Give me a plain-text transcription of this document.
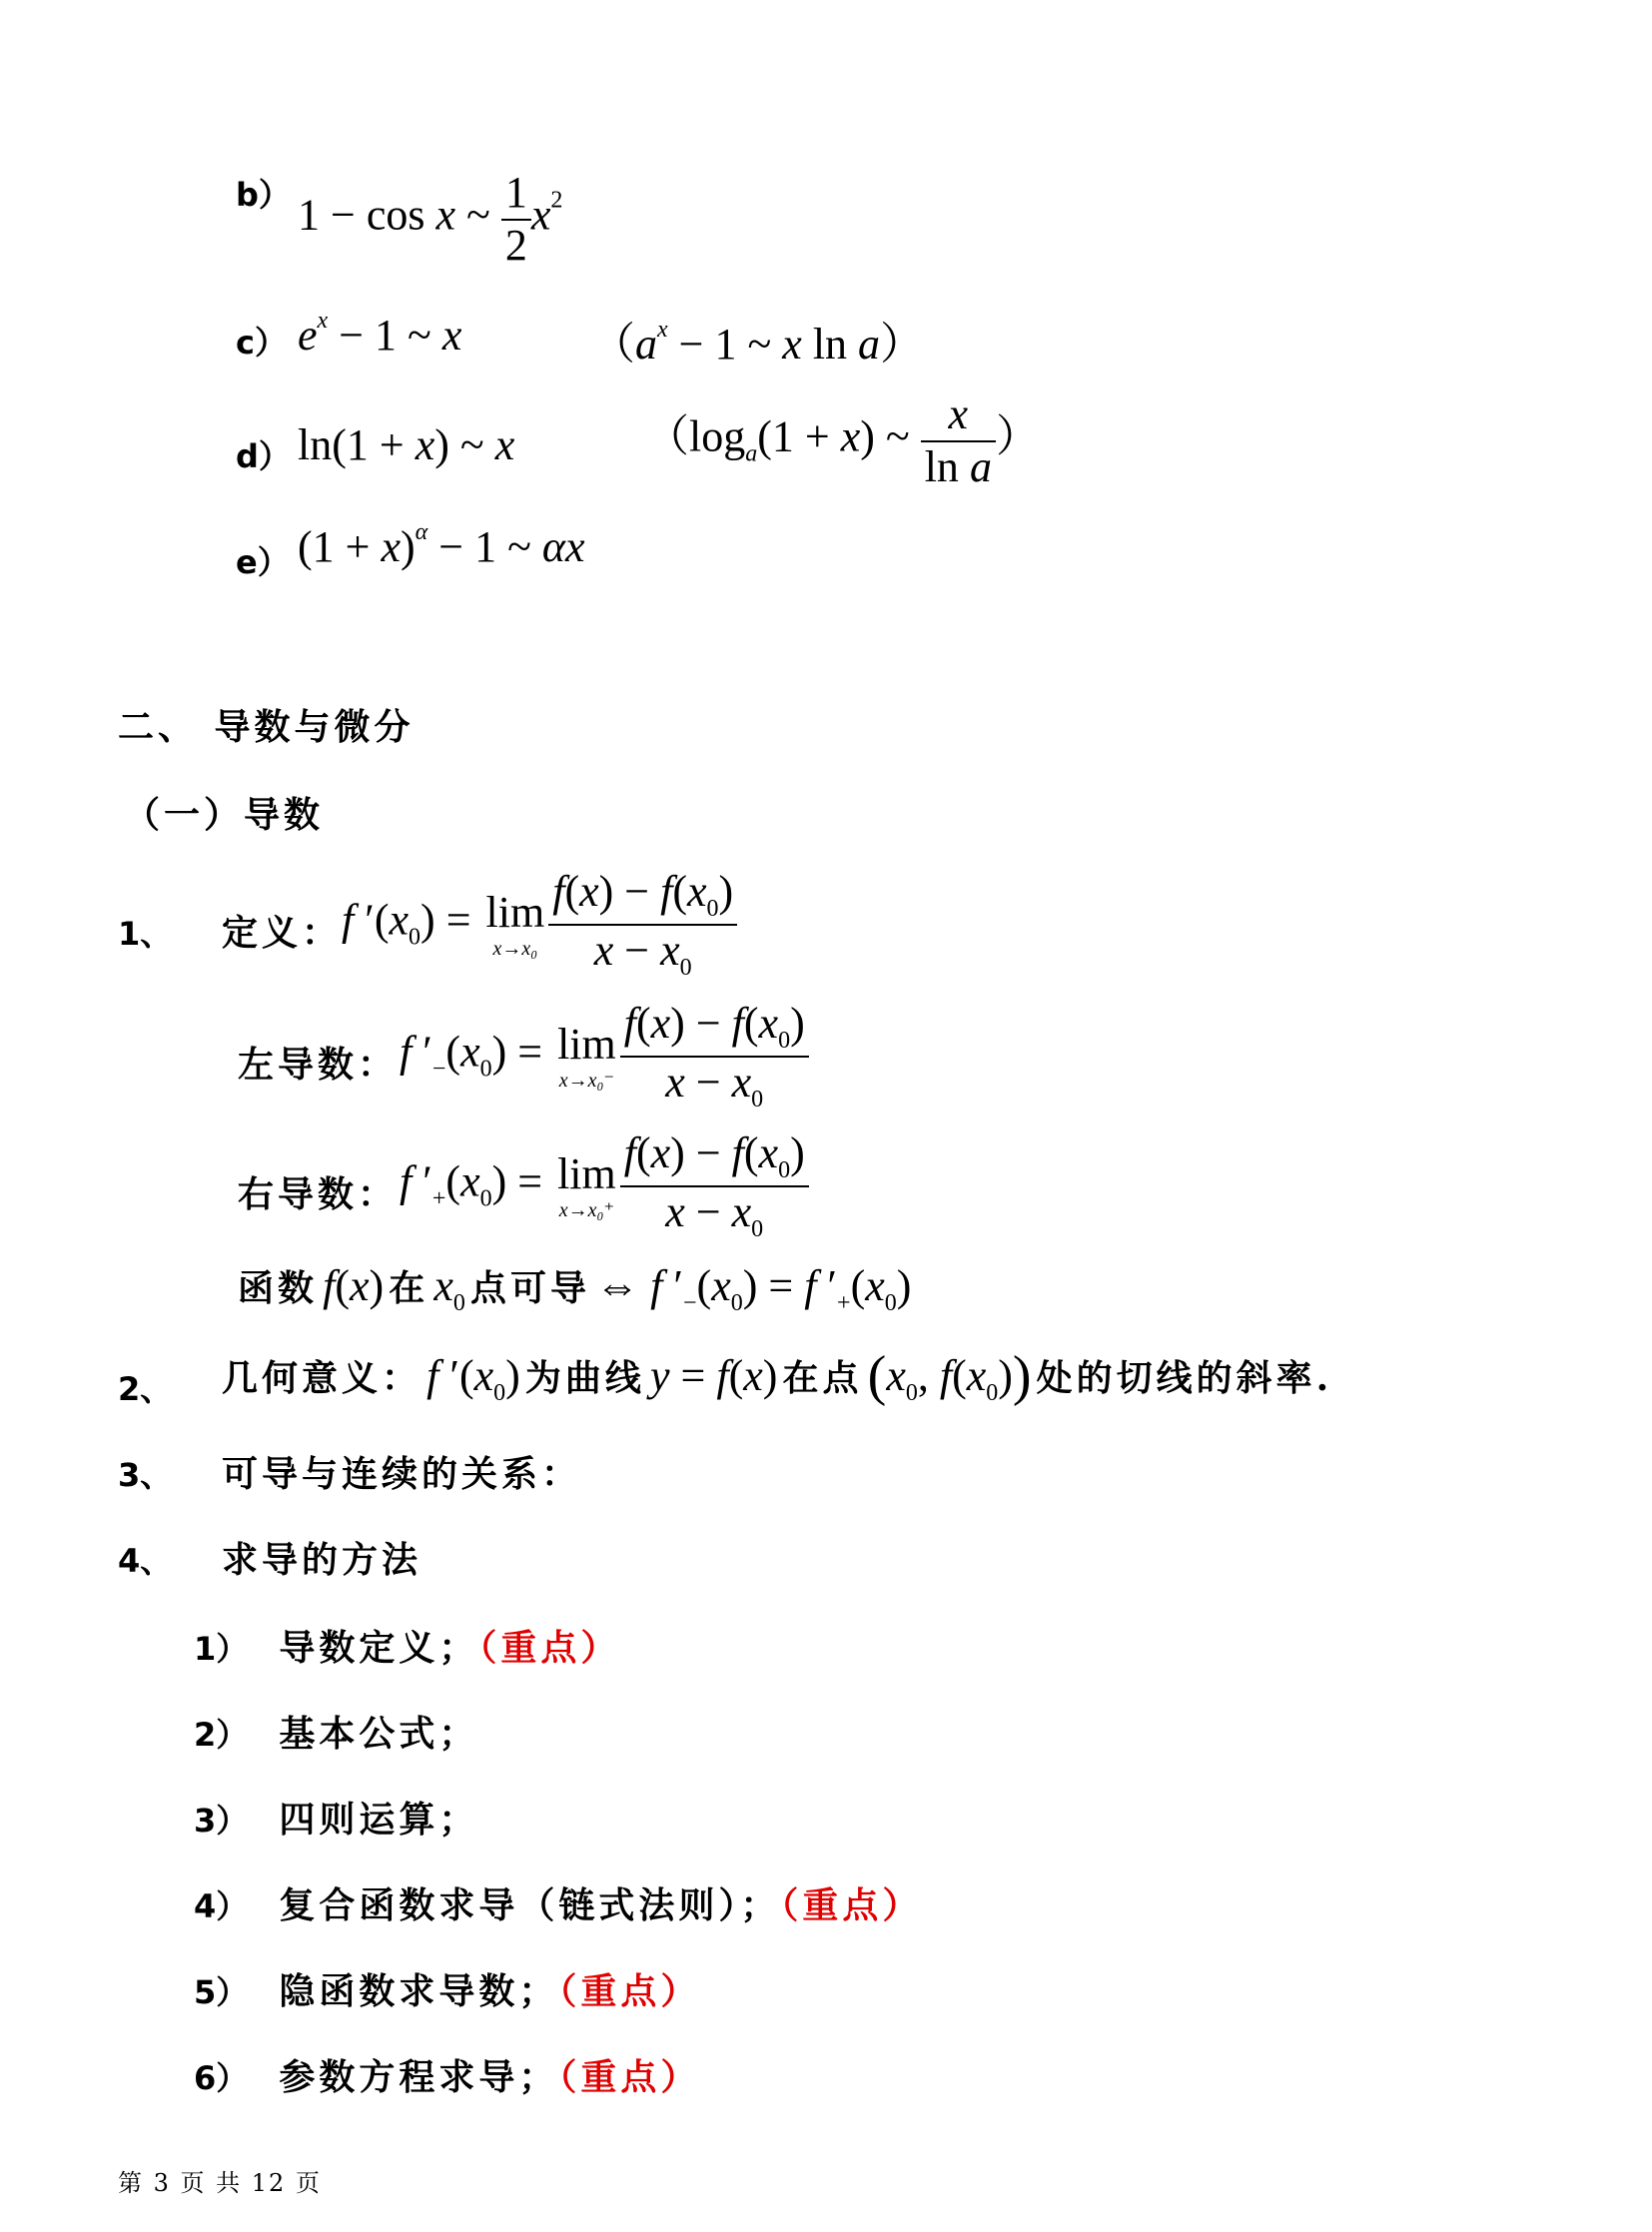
b） 1 − cos x ~ $\frac{1}{2} x^2$
c） $e^x - 1$ ~ x	（$a^x - 1$ ~ x ln a）
d） ln(1 + x) ~ x	（$\log_a(1 + x)$ ~ $\frac{x}{\text{ln a}}$ ）
e） $(1 + x)^\alpha - 1$ ~ αx
二、 导数与微分
（一）导数
1、 定义： f $'(x_0) = \lim$
$x\to x_0 \frac{f(x) - f(x_0)}{x - x_0}$
左导数： f $'_-(x_0) = \lim$
$x\to x_0^- \frac{f(x) - f(x_0)}{x - x_0}$
右导数： f $'_+(x_0) = \lim$
$x\to x_0^+ \frac{f(x) - f(x_0)}{x - x_0}$
函数 f(x) 在 $x_0$ 点可导 ⇔ f $'_-(x_0) = f$ $'_+(x_0)$
2、 几何意义： f $'(x_0)$ 为曲线 y = f(x) 在点 ($x_0$, $f(x_0)$) 处的切线的斜率.
3、 可导与连续的关系：
4、 求导的方法
1） 导数定义；（重点）
2） 基本公式；
3） 四则运算；
4） 复合函数求导（链式法则）；（重点）
5） 隐函数求导数；（重点）
6） 参数方程求导；（重点）
第 3 页 共 12 页
